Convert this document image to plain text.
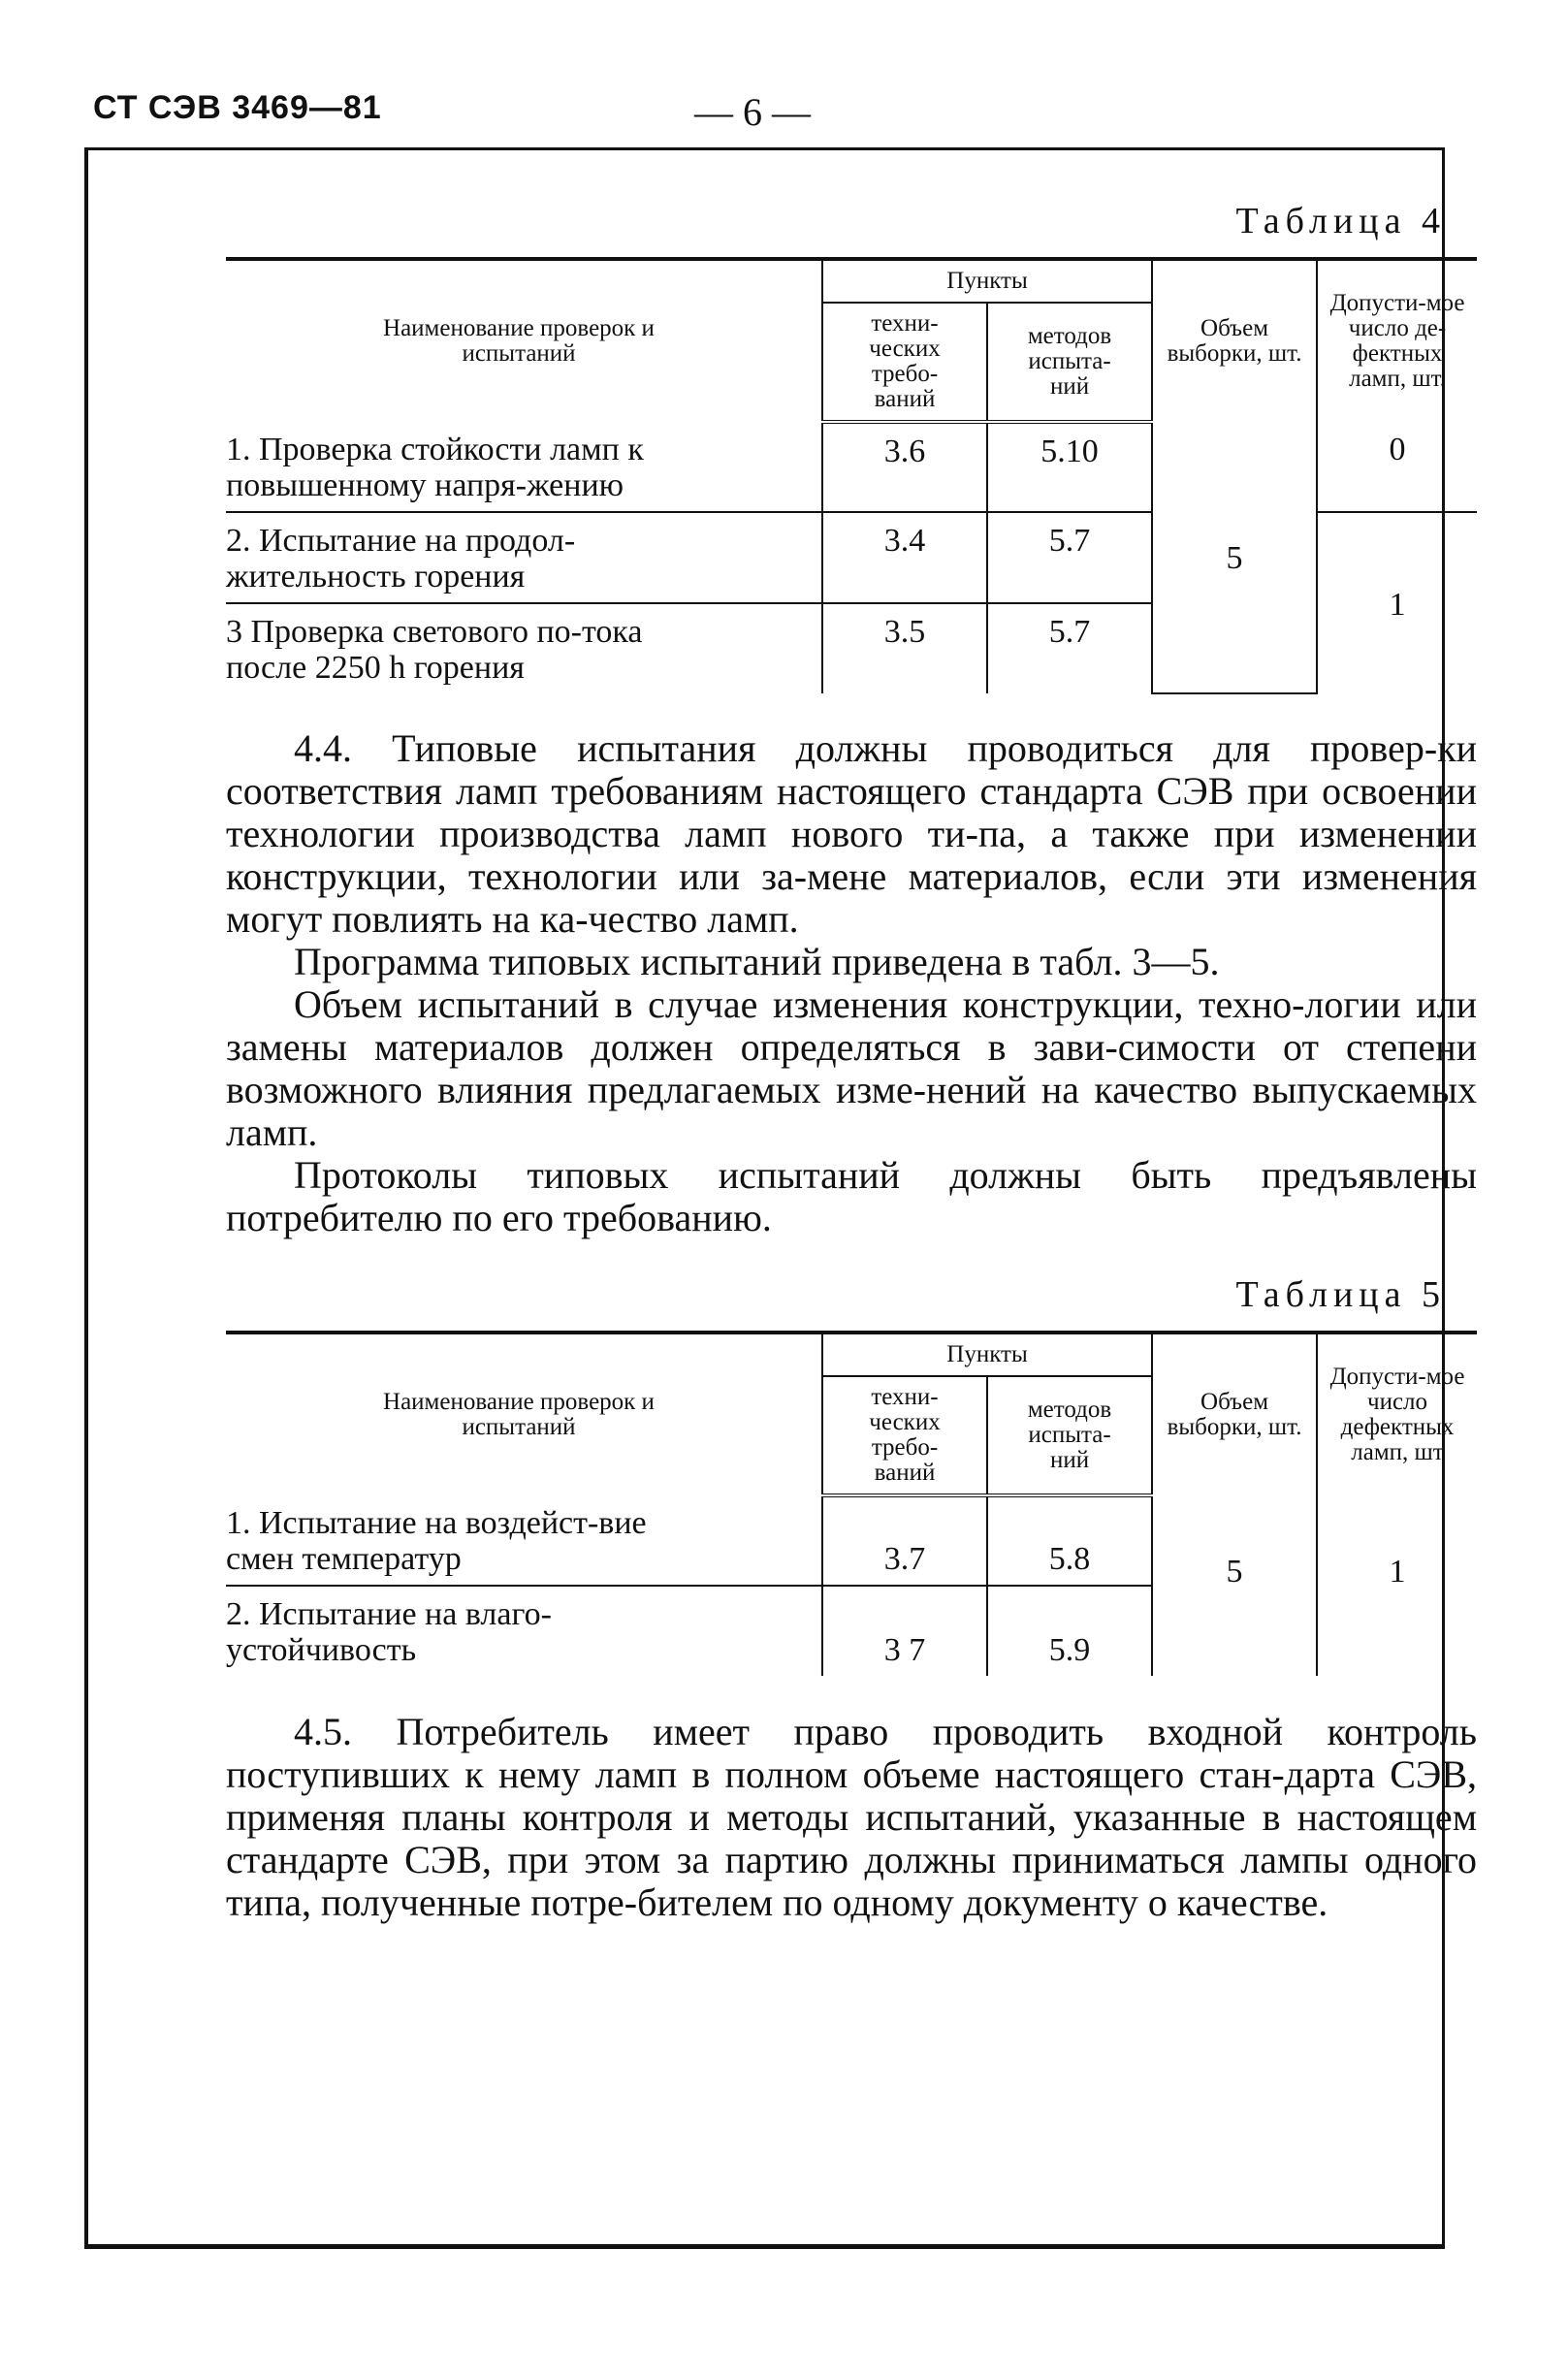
СТ СЭВ 3469—81	— 6 —
Таблица 4
Наименование проверок и испытаний	Пункты		Объем выборки, шт.	Допусти-мое число де-фектных ламп, шт.
	техни-ческих требо-ваний	методов испыта-ний		
1. Проверка стойкости ламп к повышенному напря-жению	3.6	5.10	5	0
2. Испытание на продол-жительность горения	3.4	5.7		1
3 Проверка светового по-тока после 2250 h горения	3.5	5.7		

4.4. Типовые испытания должны проводиться для провер-ки соответствия ламп требованиям настоящего стандарта СЭВ при освоении технологии производства ламп нового ти-па, а также при изменении конструкции, технологии или за-мене материалов, если эти изменения могут повлиять на ка-чество ламп.

Программа типовых испытаний приведена в табл. 3—5.

Объем испытаний в случае изменения конструкции, техно-логии или замены материалов должен определяться в зави-симости от степени возможного влияния предлагаемых изме-нений на качество выпускаемых ламп.

Протоколы типовых испытаний должны быть предъявлены потребителю по его требованию.

Таблица 5
Наименование проверок и испытаний	Пункты		Объем выборки, шт.	Допусти-мое число дефектных ламп, шт
	техни-ческих требо-ваний	методов испыта-ний		
1. Испытание на воздейст-вие смен температур	3.7	5.8	5	1
2. Испытание на влаго-устойчивость	3 7	5.9		

4.5. Потребитель имеет право проводить входной контроль поступивших к нему ламп в полном объеме настоящего стан-дарта СЭВ, применяя планы контроля и методы испытаний, указанные в настоящем стандарте СЭВ, при этом за партию должны приниматься лампы одного типа, полученные потре-бителем по одному документу о качестве.
